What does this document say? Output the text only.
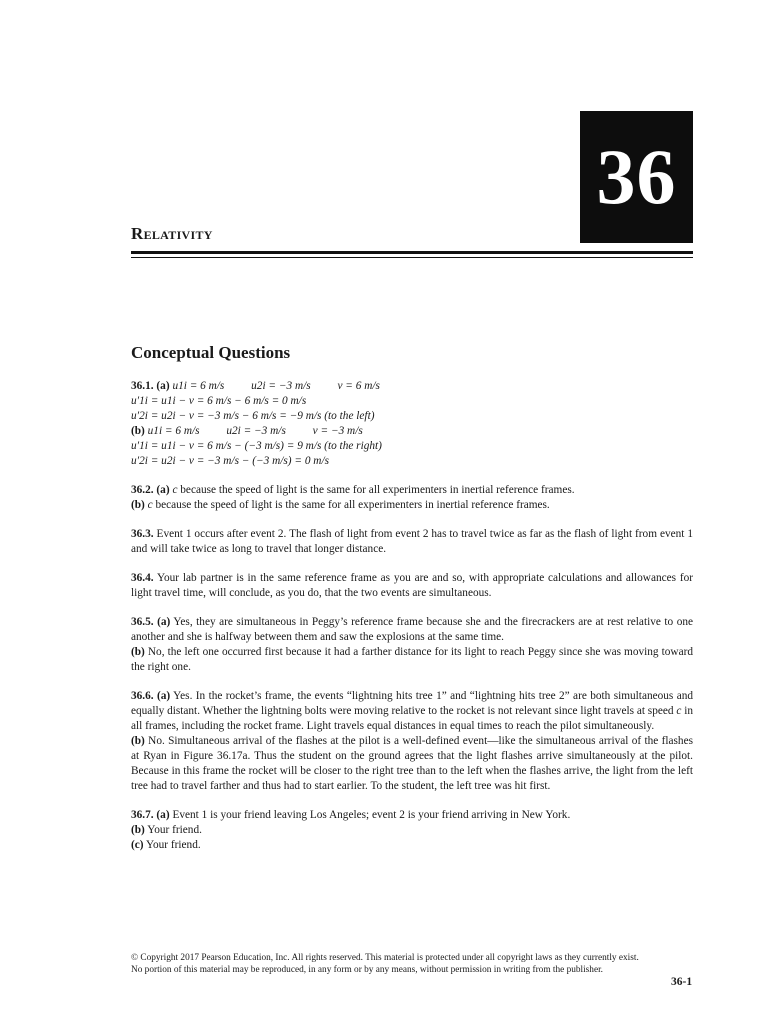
36
Relativity
Conceptual Questions
36.1. (a) u1i = 6 m/s u2i = −3 m/s v = 6 m/s
u′1i = u1i − v = 6 m/s − 6 m/s = 0 m/s
u′2i = u2i − v = −3 m/s − 6 m/s = −9 m/s (to the left)
(b) u1i = 6 m/s u2i = −3 m/s v = −3 m/s
u′1i = u1i − v = 6 m/s − (−3 m/s) = 9 m/s (to the right)
u′2i = u2i − v = −3 m/s − (−3 m/s) = 0 m/s
36.2. (a) c because the speed of light is the same for all experimenters in inertial reference frames.
(b) c because the speed of light is the same for all experimenters in inertial reference frames.
36.3. Event 1 occurs after event 2. The flash of light from event 2 has to travel twice as far as the flash of light from event 1 and will take twice as long to travel that longer distance.
36.4. Your lab partner is in the same reference frame as you are and so, with appropriate calculations and allowances for light travel time, will conclude, as you do, that the two events are simultaneous.
36.5. (a) Yes, they are simultaneous in Peggy’s reference frame because she and the firecrackers are at rest relative to one another and she is halfway between them and saw the explosions at the same time.
(b) No, the left one occurred first because it had a farther distance for its light to reach Peggy since she was moving toward the right one.
36.6. (a) Yes. In the rocket’s frame, the events “lightning hits tree 1” and “lightning hits tree 2” are both simultaneous and equally distant. Whether the lightning bolts were moving relative to the rocket is not relevant since light travels at speed c in all frames, including the rocket frame. Light travels equal distances in equal times to reach the pilot simultaneously.
(b) No. Simultaneous arrival of the flashes at the pilot is a well-defined event—like the simultaneous arrival of the flashes at Ryan in Figure 36.17a. Thus the student on the ground agrees that the light flashes arrive simultaneously at the pilot. Because in this frame the rocket will be closer to the right tree than to the left when the flashes arrive, the light from the left tree had to travel farther and thus had to start earlier. To the student, the left tree was hit first.
36.7. (a) Event 1 is your friend leaving Los Angeles; event 2 is your friend arriving in New York.
(b) Your friend.
(c) Your friend.
© Copyright 2017 Pearson Education, Inc. All rights reserved. This material is protected under all copyright laws as they currently exist.
No portion of this material may be reproduced, in any form or by any means, without permission in writing from the publisher.
36-1
